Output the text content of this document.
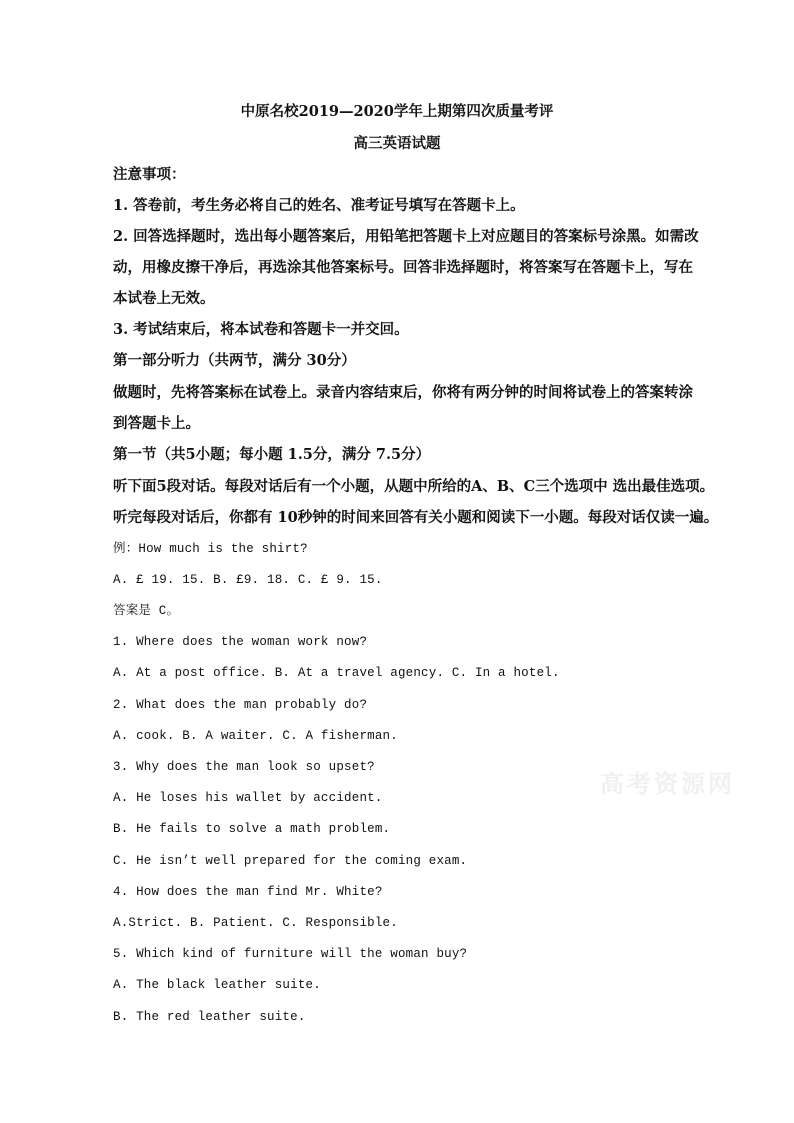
中原名校2019—2020学年上期第四次质量考评
高三英语试题
注意事项：
1. 答卷前，考生务必将自己的姓名、准考证号填写在答题卡上。
2. 回答选择题时，选出每小题答案后，用铅笔把答题卡上对应题目的答案标号涂黑。如需改
动，用橡皮擦干净后，再选涂其他答案标号。回答非选择题时，将答案写在答题卡上，写在
本试卷上无效。
3. 考试结束后，将本试卷和答题卡一并交回。
第一部分听力（共两节，满分 30分）
做题时，先将答案标在试卷上。录音内容结束后，你将有两分钟的时间将试卷上的答案转涂
到答题卡上。
第一节（共5小题；每小题 1.5分，满分 7.5分）
听下面5段对话。每段对话后有一个小题，从题中所给的A、B、C三个选项中 选出最佳选项。
听完每段对话后，你都有 10秒钟的时间来回答有关小题和阅读下一小题。每段对话仅读一遍。
例：How much is the shirt?
A. £ 19. 15. B. £9. 18. C. £ 9. 15.
答案是 C。
1. Where does the woman work now?
A. At a post office. B. At a travel agency. C. In a hotel.
2. What does the man probably do?
A. cook. B. A waiter. C. A fisherman.
3. Why does the man look so upset?
A. He loses his wallet by accident.
B. He fails to solve a math problem.
C. He isn’t well prepared for the coming exam.
4. How does the man find Mr. White?
A.Strict. B. Patient. C. Responsible.
5. Which kind of furniture will the woman buy?
A. The black leather suite.
B. The red leather suite.
高考资源网
